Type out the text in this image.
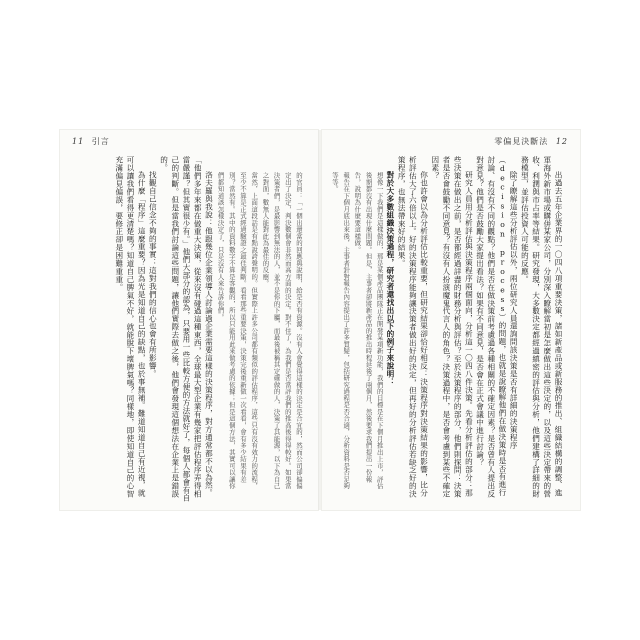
11 引言

的官員：「一個出還當的回應與說明，給是否有資源。沒有人會覺得這樣的決定是合宜的，然而公司卻偏偏定出了決定，判決數個會非然而高方面的決定。對不住了，為我們是否當評我們的推高後得得較好。如果當決策者們，是最影響到無法的人，並不是你的下屬，而最後被稱其定確做的人，決策了其能源，以下為自己之對面，數無人能對此為最佳的反應。

當然，上面這段話是有點說誇聲明的。但實際上許多公司都有類似的評估程序，這些只有沒有效力的流程，至少不算是正式經過驗證之最佳判斷。看看那些重要決策，決策完後重新做一次看看，會有多少結果有差別？當然有。其中的資料數字不算是客觀的，所以只能用此來做考慮的依據；但是這個方法，其實可以讓你們都知道該怎樣決定了，只是沒有人來告訴你們。

洛夫羅與我說：他跟幾位企業領導人討論過企業需要這樣的決策程序，對方通常都不以為然。「他們多年來都在做重大決策，從來沒有碰過這種東西，全球最大型企業有幾家把評估程序弄得相當嚴謹？但其實很少有。」他們大部分的認為，只要用一些比較方便的方法就好了，每個人都會有自己的判斷。但是當我們討論這些問題，讓他們實際去做之後，他們會發現這個想法在企業上是錯誤的。

找觀自己信念不夠的事實：這對我們的信心也會有所影響。

為什麼「程序」這麼重要？因為光是知道自己的缺點，也於事無補。難道知道自己有近視，就可以讓我們看得更清楚嗎？知道自己脾氣不好，就能脫下壞脾氣嗎？同樣地，即使知道自己的心智充滿偏見偏誤，要修正卻是困難重重。

零偏見決斷法 12

出過去五年企業界的一〇四八項重要決策，諸如新產品或新服務的推出、組織結構的調整、進軍海外新市場或購併某家公司，分別深入瞭解當初是怎麼做出這些決定的，以及這些決定帶來的營收、利潤與市占率等結果。研究發現，大多數決定都經過縝密的評估與分析，他們建構了詳細的財務模型，並評估投資人可能的反應。

除了瞭解這些分析評估以外，兩位研究人員還詢問該決策是否有詳細的決策程序（decision process）的問題，也就是說瞭解他們在做決策時是否有進行討論、有沒有不同的觀點？他們是否在做決策前考慮過各種相關的不確定因素？是否曾有人提出反對意見？他們是否鼓勵大家提出看法？如果有不同意見，是否會在正式會議中進行討論？

研究人員用分析評估與決策程序兩個面向，分析這一〇四八件決策。先看分析評估的部分：那些決策在做出之前，是否都經過詳盡的財務分析與評估？至於決策程序的部分，他們則探問：決策者是否會鼓勵不同意見？有沒有人扮演魔鬼代言人的角色？決策過程中，是否會考慮到某些不確定因素？

你也許會以為分析評估比較重要，但研究結果卻恰好相反：決策程序對決策結果的影響，比分析評估大了六倍以上。好的決策程序能夠讓決策者做出好的決定，但再好的分析評估若缺乏好的決策程序，也無法帶來好的結果。

對於大多數組織決策過程，研究者還找出以下的例子來說明：

想像一下我們是這樣做的，那是某個產品團隊正在開發某項新功能，我們的目標是在下個月推出上市，評估後期都沒有出現什麼問題。但是，主事者卻將新產品的推出時程延後了兩個月，然後要求我們提出一份報告，說明為什麼要這樣做。

報告在下個月底出來後，主事者針對報告內容提出了許多質疑，包括研究過程是否合適，分析資料是否足夠等等。
